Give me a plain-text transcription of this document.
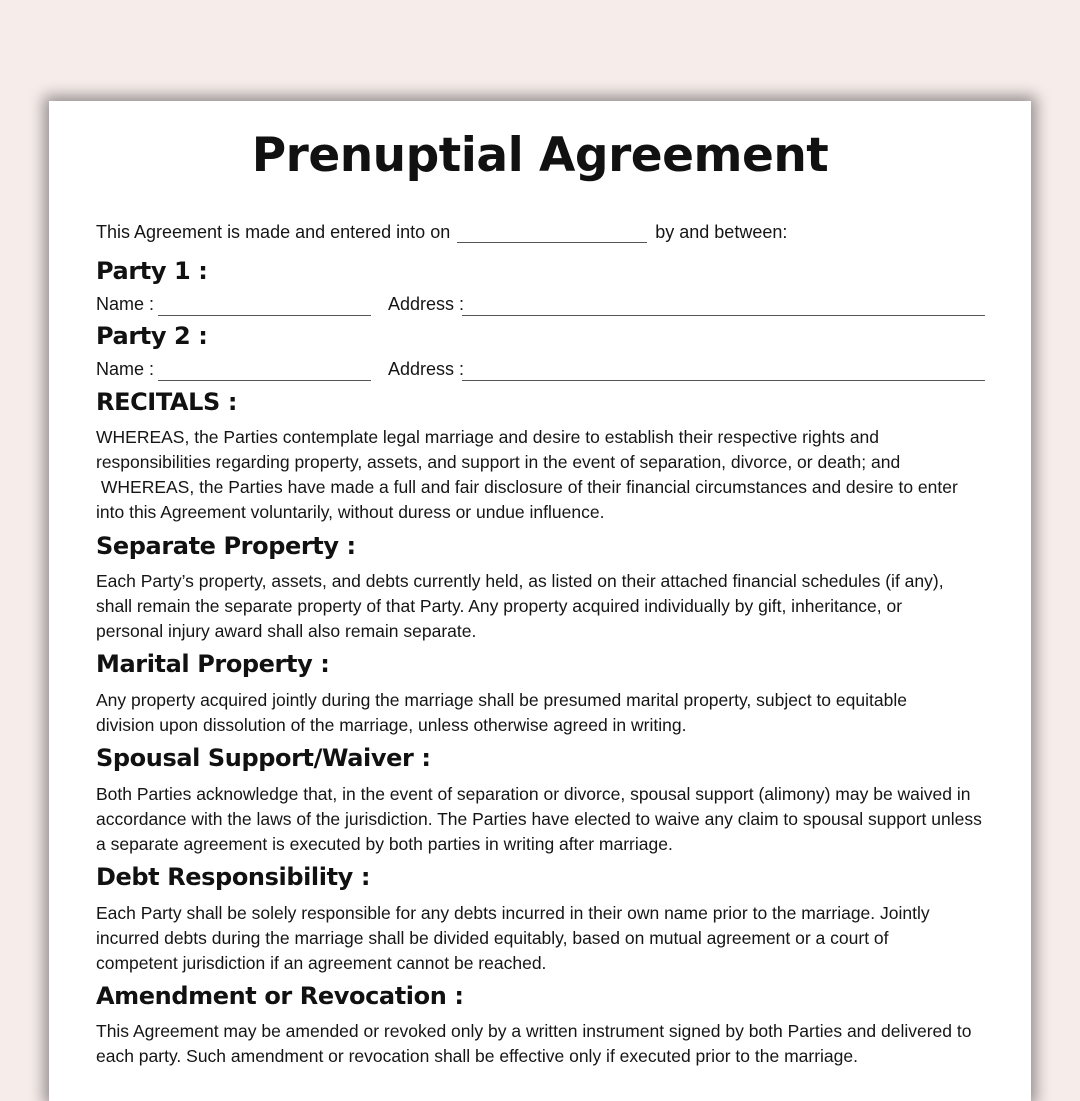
Prenuptial Agreement
This Agreement is made and entered into on	by and between:
Party 1 :
Name :	Address :
Party 2 :
Name :	Address :
RECITALS :

WHEREAS, the Parties contemplate legal marriage and desire to establish their respective rights and
responsibilities regarding property, assets, and support in the event of separation, divorce, or death; and
WHEREAS, the Parties have made a full and fair disclosure of their financial circumstances and desire to enter
into this Agreement voluntarily, without duress or undue influence.

Separate Property :

Each Party’s property, assets, and debts currently held, as listed on their attached financial schedules (if any),
shall remain the separate property of that Party. Any property acquired individually by gift, inheritance, or
personal injury award shall also remain separate.

Marital Property :

Any property acquired jointly during the marriage shall be presumed marital property, subject to equitable
division upon dissolution of the marriage, unless otherwise agreed in writing.

Spousal Support/Waiver :

Both Parties acknowledge that, in the event of separation or divorce, spousal support (alimony) may be waived in
accordance with the laws of the jurisdiction. The Parties have elected to waive any claim to spousal support unless
a separate agreement is executed by both parties in writing after marriage.

Debt Responsibility :

Each Party shall be solely responsible for any debts incurred in their own name prior to the marriage. Jointly
incurred debts during the marriage shall be divided equitably, based on mutual agreement or a court of
competent jurisdiction if an agreement cannot be reached.

Amendment or Revocation :

This Agreement may be amended or revoked only by a written instrument signed by both Parties and delivered to
each party. Such amendment or revocation shall be effective only if executed prior to the marriage.
